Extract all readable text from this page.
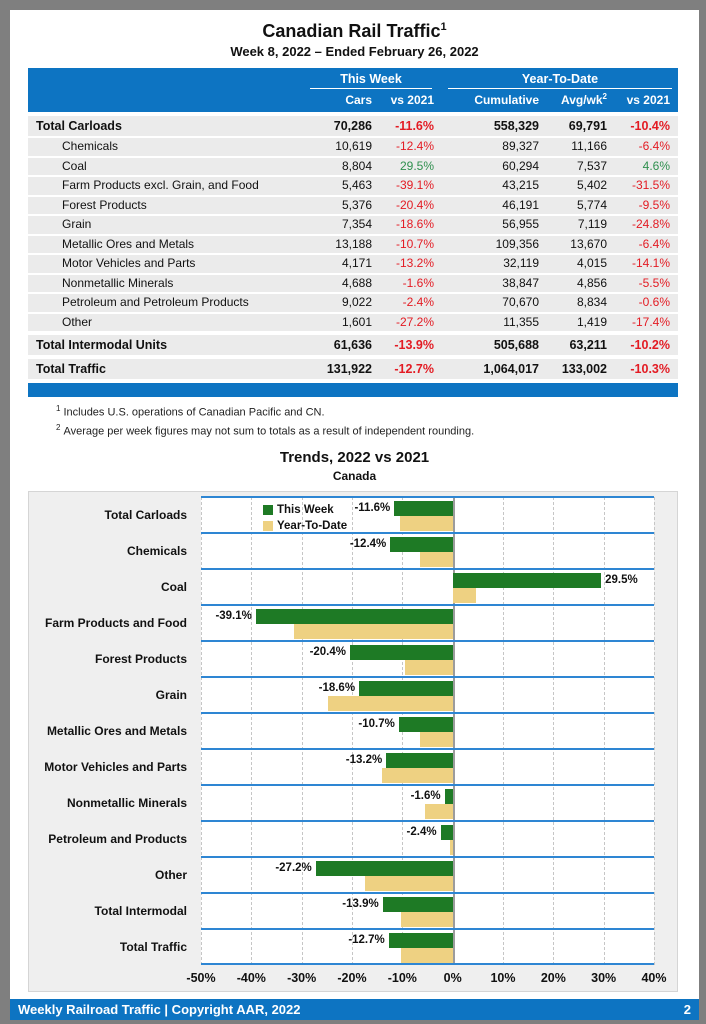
Canadian Rail Traffic$^1$
Week 8, 2022 – Ended February 26, 2022
This Week	Year-To-Date
Cars	vs 2021	Cumulative	Avg/$wk^2$	vs 2021
Total Carloads	70,286	-11.6%	558,329	69,791	-10.4%
Chemicals	10,619	-12.4%	89,327	11,166	-6.4%
Coal	8,804	29.5%	60,294	7,537	4.6%
Farm Products excl. Grain, and Food	5,463	-39.1%	43,215	5,402	-31.5%
Forest Products	5,376	-20.4%	46,191	5,774	-9.5%
Grain	7,354	-18.6%	56,955	7,119	-24.8%
Metallic Ores and Metals	13,188	-10.7%	109,356	13,670	-6.4%
Motor Vehicles and Parts	4,171	-13.2%	32,119	4,015	-14.1%
Nonmetallic Minerals	4,688	-1.6%	38,847	4,856	-5.5%
Petroleum and Petroleum Products	9,022	-2.4%	70,670	8,834	-0.6%
Other	1,601	-27.2%	11,355	1,419	-17.4%
Total Intermodal Units	61,636	-13.9%	505,688	63,211	-10.2%
Total Traffic	131,922	-12.7%	1,064,017	133,002	-10.3%
$^1$ Includes U.S. operations of Canadian Pacific and CN.
$^2$ Average per week figures may not sum to totals as a result of independent rounding.
Trends, 2022 vs 2021
Canada
Total Carloads
Chemicals
Coal
Farm Products and Food
Forest Products
Grain
Metallic Ores and Metals
Motor Vehicles and Parts
Nonmetallic Minerals
Petroleum and Products
Other
Total Intermodal
Total Traffic
This Week
Year-To-Date
-11.6%
-12.4%
29.5%
-39.1%
-20.4%
-18.6%
-10.7%
-13.2%
-1.6%
-2.4%
-27.2%
-13.9%
-12.7%
-50% -40% -30% -20% -10% 0% 10% 20% 30% 40%
Weekly Railroad Traffic | Copyright AAR, 2022	2
